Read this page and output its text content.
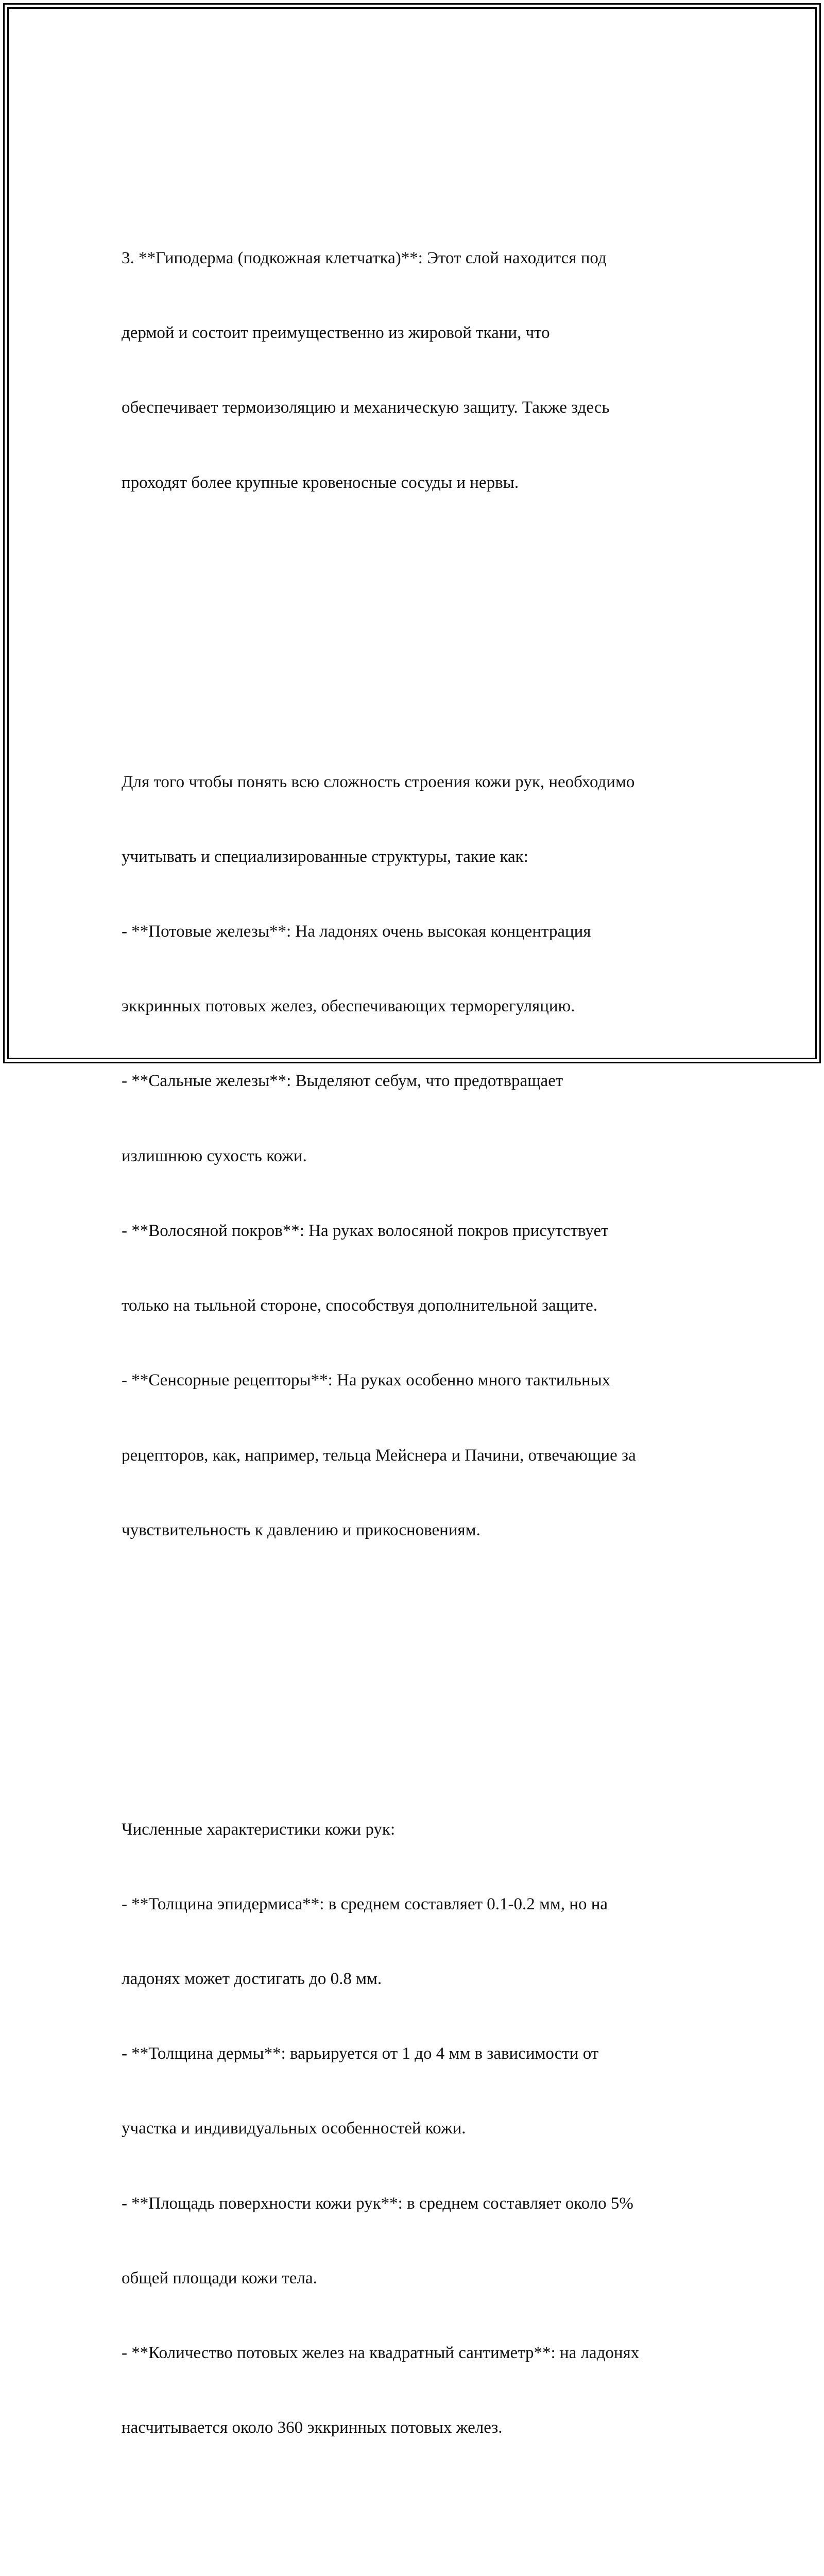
3. **Гиподерма (подкожная клетчатка)**: Этот слой находится под

дермой и состоит преимущественно из жировой ткани, что

обеспечивает термоизоляцию и механическую защиту. Также здесь

проходят более крупные кровеносные сосуды и нервы.

Для того чтобы понять всю сложность строения кожи рук, необходимо

учитывать и специализированные структуры, такие как:

- **Потовые железы**: На ладонях очень высокая концентрация

эккринных потовых желез, обеспечивающих терморегуляцию.

- **Сальные железы**: Выделяют себум, что предотвращает

излишнюю сухость кожи.

- **Волосяной покров**: На руках волосяной покров присутствует

только на тыльной стороне, способствуя дополнительной защите.

- **Сенсорные рецепторы**: На руках особенно много тактильных

рецепторов, как, например, тельца Мейснера и Пачини, отвечающие за

чувствительность к давлению и прикосновениям.

Численные характеристики кожи рук:

- **Толщина эпидермиса**: в среднем составляет 0.1-0.2 мм, но на

ладонях может достигать до 0.8 мм.

- **Толщина дермы**: варьируется от 1 до 4 мм в зависимости от

участка и индивидуальных особенностей кожи.

- **Площадь поверхности кожи рук**: в среднем составляет около 5%

общей площади кожи тела.

- **Количество потовых желез на квадратный сантиметр**: на ладонях

насчитывается около 360 эккринных потовых желез.
